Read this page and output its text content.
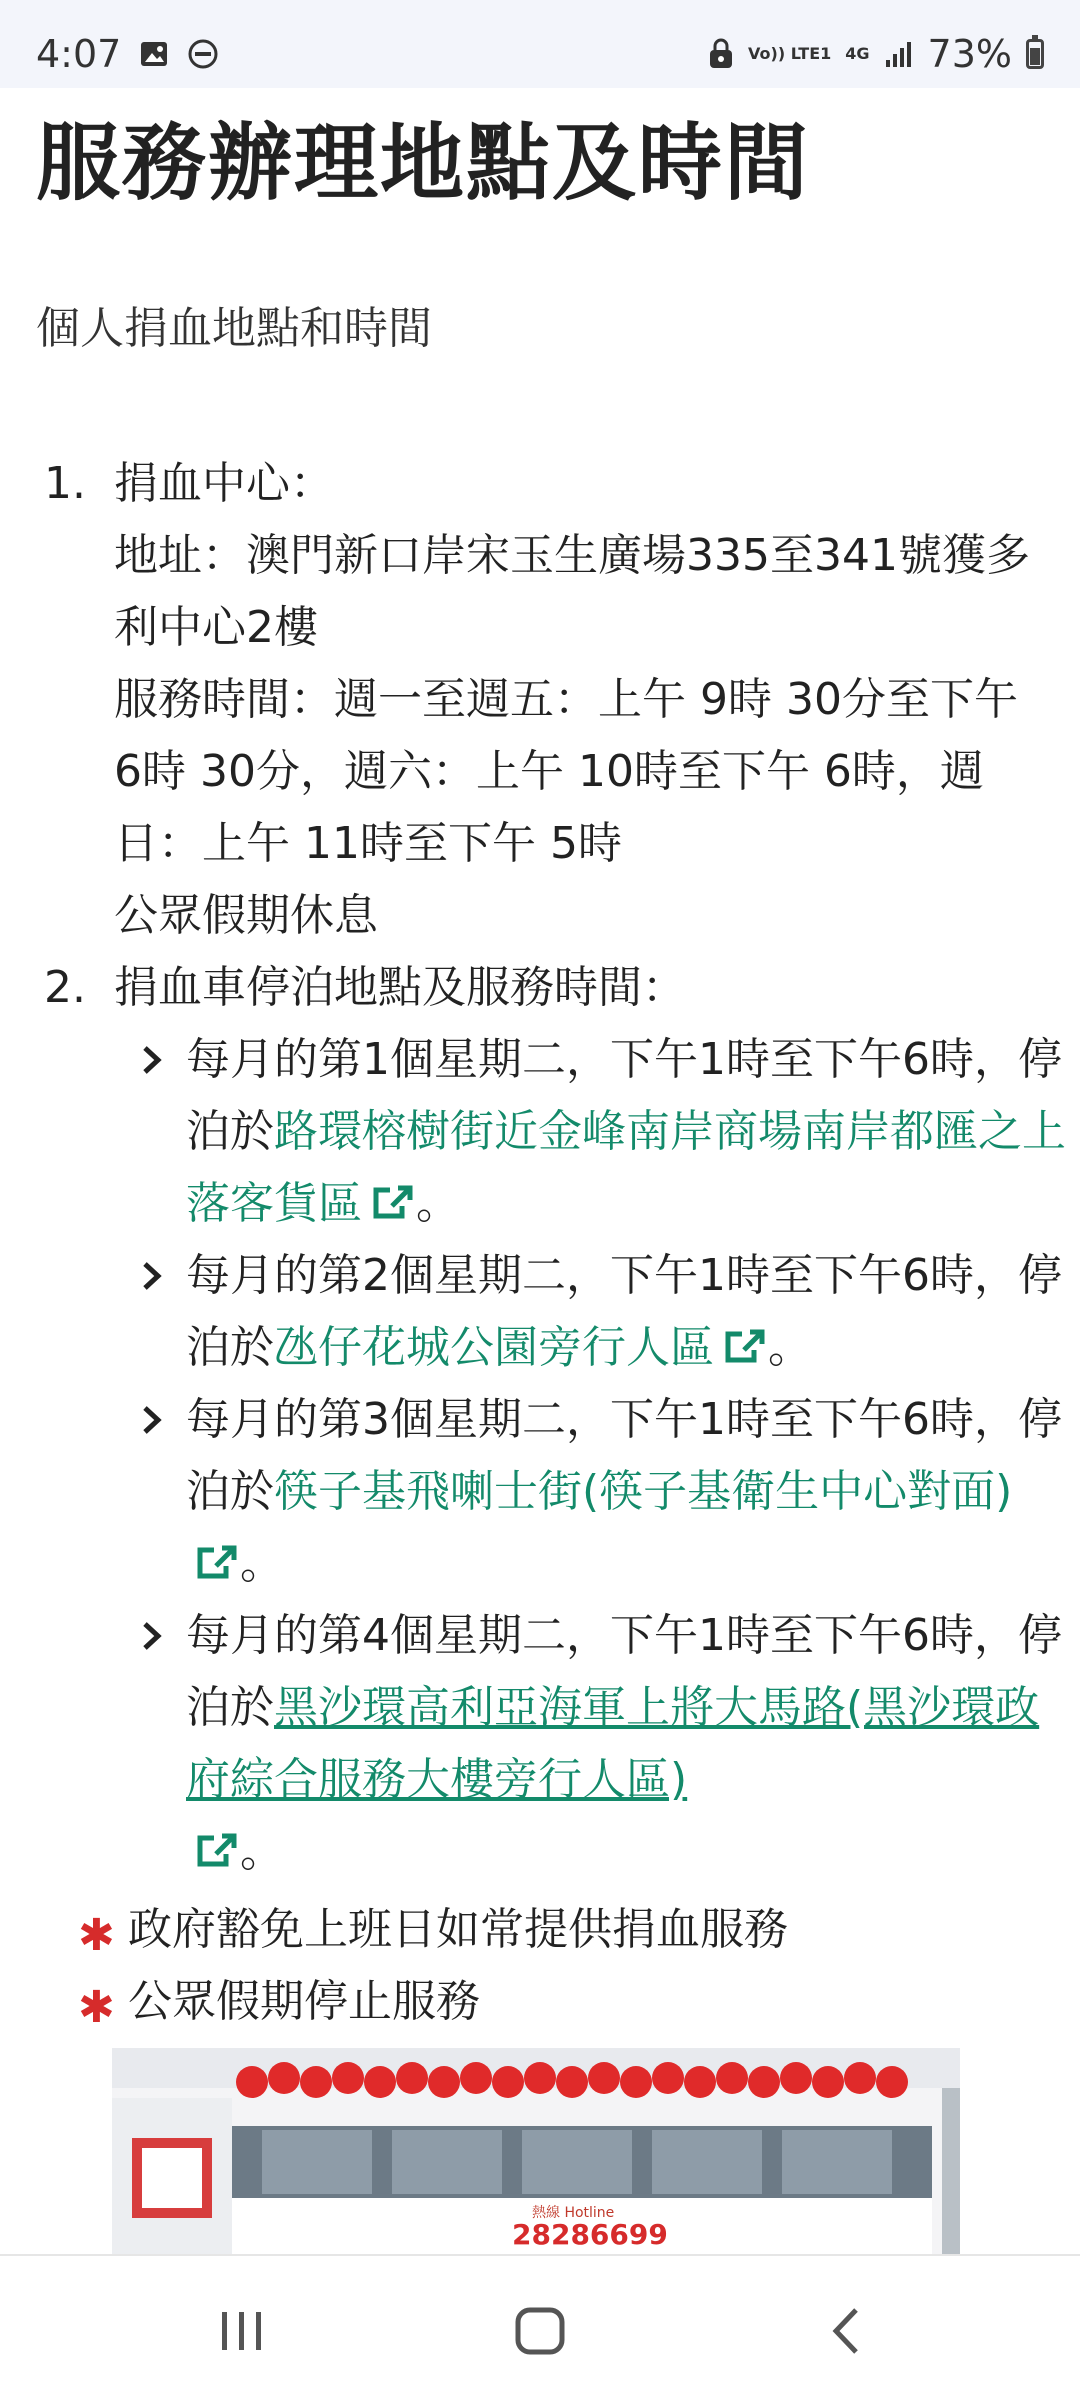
4:07	Vo)) LTE1 4G 73%
服務辦理地點及時間
個人捐血地點和時間
1. 捐血中心：
地址：澳門新口岸宋玉生廣場335至341號獲多利中心2樓
服務時間：週一至週五：上午 9時 30分至下午 6時 30分，週六：上午 10時至下午 6時，週日：上午 11時至下午 5時
公眾假期休息
2. 捐血車停泊地點及服務時間：
每月的第1個星期二，下午1時至下午6時，停泊於路環榕樹街近金峰南岸商場南岸都匯之上落客貨區 。
每月的第2個星期二，下午1時至下午6時，停泊於氹仔花城公園旁行人區 。
每月的第3個星期二，下午1時至下午6時，停泊於筷子基飛喇士街(筷子基衛生中心對面)。
每月的第4個星期二，下午1時至下午6時，停泊於黑沙環高利亞海軍上將大馬路(黑沙環政府綜合服務大樓旁行人區)
。
✱ 政府豁免上班日如常提供捐血服務
✱ 公眾假期停止服務
熱線 Hotline
28286699
